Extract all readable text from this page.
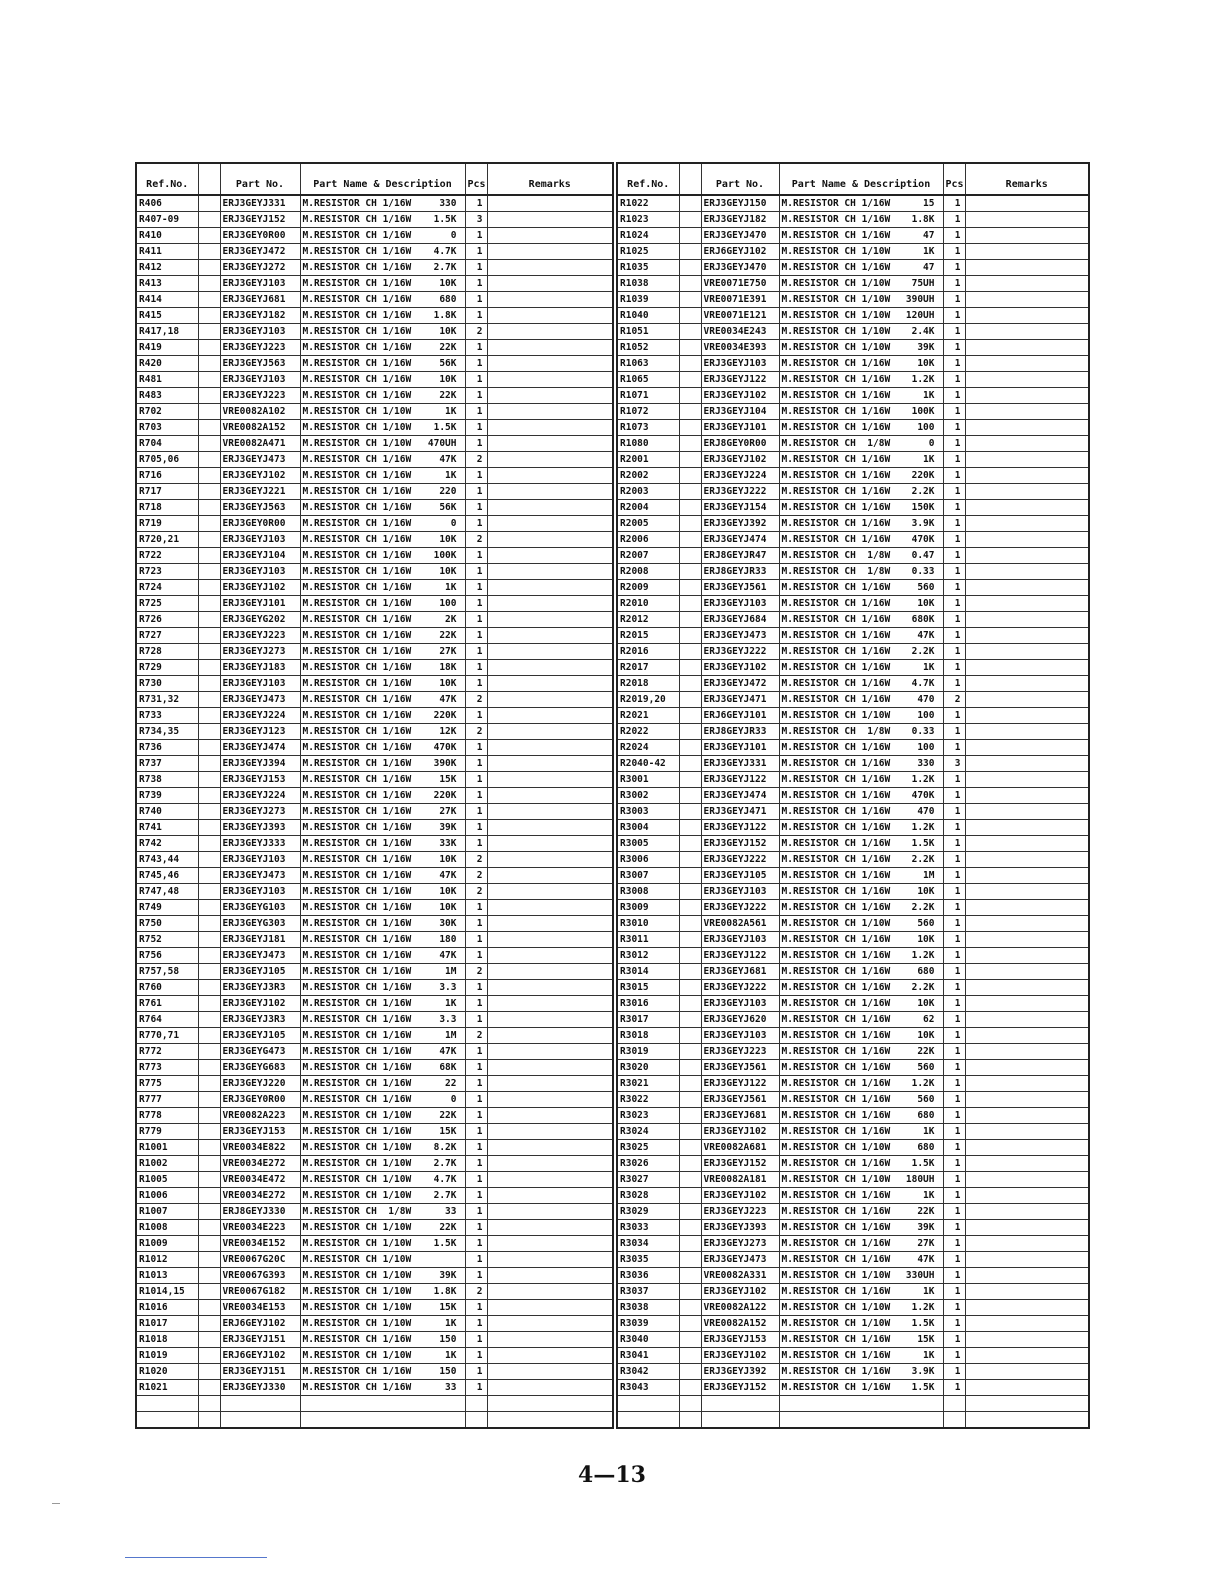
Ref.No.		Part No.	Part Name & Description	Pcs	Remarks
R406		ERJ3GEYJ331	M.RESISTOR CH 1/16W 330	1	
R407-09		ERJ3GEYJ152	M.RESISTOR CH 1/16W 1.5K	3	
R410		ERJ3GEY0R00	M.RESISTOR CH 1/16W 0	1	
R411		ERJ3GEYJ472	M.RESISTOR CH 1/16W 4.7K	1	
R412		ERJ3GEYJ272	M.RESISTOR CH 1/16W 2.7K	1	
R413		ERJ3GEYJ103	M.RESISTOR CH 1/16W 10K	1	
R414		ERJ3GEYJ681	M.RESISTOR CH 1/16W 680	1	
R415		ERJ3GEYJ182	M.RESISTOR CH 1/16W 1.8K	1	
R417,18		ERJ3GEYJ103	M.RESISTOR CH 1/16W 10K	2	
R419		ERJ3GEYJ223	M.RESISTOR CH 1/16W 22K	1	
R420		ERJ3GEYJ563	M.RESISTOR CH 1/16W 56K	1	
R481		ERJ3GEYJ103	M.RESISTOR CH 1/16W 10K	1	
R483		ERJ3GEYJ223	M.RESISTOR CH 1/16W 22K	1	
R702		VRE0082A102	M.RESISTOR CH 1/10W 1K	1	
R703		VRE0082A152	M.RESISTOR CH 1/10W 1.5K	1	
R704		VRE0082A471	M.RESISTOR CH 1/10W 470UH	1	
R705,06		ERJ3GEYJ473	M.RESISTOR CH 1/16W 47K	2	
R716		ERJ3GEYJ102	M.RESISTOR CH 1/16W 1K	1	
R717		ERJ3GEYJ221	M.RESISTOR CH 1/16W 220	1	
R718		ERJ3GEYJ563	M.RESISTOR CH 1/16W 56K	1	
R719		ERJ3GEY0R00	M.RESISTOR CH 1/16W 0	1	
R720,21		ERJ3GEYJ103	M.RESISTOR CH 1/16W 10K	2	
R722		ERJ3GEYJ104	M.RESISTOR CH 1/16W 100K	1	
R723		ERJ3GEYJ103	M.RESISTOR CH 1/16W 10K	1	
R724		ERJ3GEYJ102	M.RESISTOR CH 1/16W 1K	1	
R725		ERJ3GEYJ101	M.RESISTOR CH 1/16W 100	1	
R726		ERJ3GEYG202	M.RESISTOR CH 1/16W 2K	1	
R727		ERJ3GEYJ223	M.RESISTOR CH 1/16W 22K	1	
R728		ERJ3GEYJ273	M.RESISTOR CH 1/16W 27K	1	
R729		ERJ3GEYJ183	M.RESISTOR CH 1/16W 18K	1	
R730		ERJ3GEYJ103	M.RESISTOR CH 1/16W 10K	1	
R731,32		ERJ3GEYJ473	M.RESISTOR CH 1/16W 47K	2	
R733		ERJ3GEYJ224	M.RESISTOR CH 1/16W 220K	1	
R734,35		ERJ3GEYJ123	M.RESISTOR CH 1/16W 12K	2	
R736		ERJ3GEYJ474	M.RESISTOR CH 1/16W 470K	1	
R737		ERJ3GEYJ394	M.RESISTOR CH 1/16W 390K	1	
R738		ERJ3GEYJ153	M.RESISTOR CH 1/16W 15K	1	
R739		ERJ3GEYJ224	M.RESISTOR CH 1/16W 220K	1	
R740		ERJ3GEYJ273	M.RESISTOR CH 1/16W 27K	1	
R741		ERJ3GEYJ393	M.RESISTOR CH 1/16W 39K	1	
R742		ERJ3GEYJ333	M.RESISTOR CH 1/16W 33K	1	
R743,44		ERJ3GEYJ103	M.RESISTOR CH 1/16W 10K	2	
R745,46		ERJ3GEYJ473	M.RESISTOR CH 1/16W 47K	2	
R747,48		ERJ3GEYJ103	M.RESISTOR CH 1/16W 10K	2	
R749		ERJ3GEYG103	M.RESISTOR CH 1/16W 10K	1	
R750		ERJ3GEYG303	M.RESISTOR CH 1/16W 30K	1	
R752		ERJ3GEYJ181	M.RESISTOR CH 1/16W 180	1	
R756		ERJ3GEYJ473	M.RESISTOR CH 1/16W 47K	1	
R757,58		ERJ3GEYJ105	M.RESISTOR CH 1/16W 1M	2	
R760		ERJ3GEYJ3R3	M.RESISTOR CH 1/16W 3.3	1	
R761		ERJ3GEYJ102	M.RESISTOR CH 1/16W 1K	1	
R764		ERJ3GEYJ3R3	M.RESISTOR CH 1/16W 3.3	1	
R770,71		ERJ3GEYJ105	M.RESISTOR CH 1/16W 1M	2	
R772		ERJ3GEYG473	M.RESISTOR CH 1/16W 47K	1	
R773		ERJ3GEYG683	M.RESISTOR CH 1/16W 68K	1	
R775		ERJ3GEYJ220	M.RESISTOR CH 1/16W 22	1	
R777		ERJ3GEY0R00	M.RESISTOR CH 1/16W 0	1	
R778		VRE0082A223	M.RESISTOR CH 1/10W 22K	1	
R779		ERJ3GEYJ153	M.RESISTOR CH 1/16W 15K	1	
R1001		VRE0034E822	M.RESISTOR CH 1/10W 8.2K	1	
R1002		VRE0034E272	M.RESISTOR CH 1/10W 2.7K	1	
R1005		VRE0034E472	M.RESISTOR CH 1/10W 4.7K	1	
R1006		VRE0034E272	M.RESISTOR CH 1/10W 2.7K	1	
R1007		ERJ8GEYJ330	M.RESISTOR CH  1/8W 33	1	
R1008		VRE0034E223	M.RESISTOR CH 1/10W 22K	1	
R1009		VRE0034E152	M.RESISTOR CH 1/10W 1.5K	1	
R1012		VRE0067G20C	M.RESISTOR CH 1/10W	1	
R1013		VRE0067G393	M.RESISTOR CH 1/10W 39K	1	
R1014,15		VRE0067G182	M.RESISTOR CH 1/10W 1.8K	2	
R1016		VRE0034E153	M.RESISTOR CH 1/10W 15K	1	
R1017		ERJ6GEYJ102	M.RESISTOR CH 1/10W 1K	1	
R1018		ERJ3GEYJ151	M.RESISTOR CH 1/16W 150	1	
R1019		ERJ6GEYJ102	M.RESISTOR CH 1/10W 1K	1	
R1020		ERJ3GEYJ151	M.RESISTOR CH 1/16W 150	1	
R1021		ERJ3GEYJ330	M.RESISTOR CH 1/16W 33	1	

Ref.No.		Part No.	Part Name & Description	Pcs	Remarks
R1022		ERJ3GEYJ150	M.RESISTOR CH 1/16W 15	1	
R1023		ERJ3GEYJ182	M.RESISTOR CH 1/16W 1.8K	1	
R1024		ERJ3GEYJ470	M.RESISTOR CH 1/16W 47	1	
R1025		ERJ6GEYJ102	M.RESISTOR CH 1/10W 1K	1	
R1035		ERJ3GEYJ470	M.RESISTOR CH 1/16W 47	1	
R1038		VRE0071E750	M.RESISTOR CH 1/10W 75UH	1	
R1039		VRE0071E391	M.RESISTOR CH 1/10W 390UH	1	
R1040		VRE0071E121	M.RESISTOR CH 1/10W 120UH	1	
R1051		VRE0034E243	M.RESISTOR CH 1/10W 2.4K	1	
R1052		VRE0034E393	M.RESISTOR CH 1/10W 39K	1	
R1063		ERJ3GEYJ103	M.RESISTOR CH 1/16W 10K	1	
R1065		ERJ3GEYJ122	M.RESISTOR CH 1/16W 1.2K	1	
R1071		ERJ3GEYJ102	M.RESISTOR CH 1/16W 1K	1	
R1072		ERJ3GEYJ104	M.RESISTOR CH 1/16W 100K	1	
R1073		ERJ3GEYJ101	M.RESISTOR CH 1/16W 100	1	
R1080		ERJ8GEY0R00	M.RESISTOR CH  1/8W 0	1	
R2001		ERJ3GEYJ102	M.RESISTOR CH 1/16W 1K	1	
R2002		ERJ3GEYJ224	M.RESISTOR CH 1/16W 220K	1	
R2003		ERJ3GEYJ222	M.RESISTOR CH 1/16W 2.2K	1	
R2004		ERJ3GEYJ154	M.RESISTOR CH 1/16W 150K	1	
R2005		ERJ3GEYJ392	M.RESISTOR CH 1/16W 3.9K	1	
R2006		ERJ3GEYJ474	M.RESISTOR CH 1/16W 470K	1	
R2007		ERJ8GEYJR47	M.RESISTOR CH  1/8W 0.47	1	
R2008		ERJ8GEYJR33	M.RESISTOR CH  1/8W 0.33	1	
R2009		ERJ3GEYJ561	M.RESISTOR CH 1/16W 560	1	
R2010		ERJ3GEYJ103	M.RESISTOR CH 1/16W 10K	1	
R2012		ERJ3GEYJ684	M.RESISTOR CH 1/16W 680K	1	
R2015		ERJ3GEYJ473	M.RESISTOR CH 1/16W 47K	1	
R2016		ERJ3GEYJ222	M.RESISTOR CH 1/16W 2.2K	1	
R2017		ERJ3GEYJ102	M.RESISTOR CH 1/16W 1K	1	
R2018		ERJ3GEYJ472	M.RESISTOR CH 1/16W 4.7K	1	
R2019,20		ERJ3GEYJ471	M.RESISTOR CH 1/16W 470	2	
R2021		ERJ6GEYJ101	M.RESISTOR CH 1/10W 100	1	
R2022		ERJ8GEYJR33	M.RESISTOR CH  1/8W 0.33	1	
R2024		ERJ3GEYJ101	M.RESISTOR CH 1/16W 100	1	
R2040-42		ERJ3GEYJ331	M.RESISTOR CH 1/16W 330	3	
R3001		ERJ3GEYJ122	M.RESISTOR CH 1/16W 1.2K	1	
R3002		ERJ3GEYJ474	M.RESISTOR CH 1/16W 470K	1	
R3003		ERJ3GEYJ471	M.RESISTOR CH 1/16W 470	1	
R3004		ERJ3GEYJ122	M.RESISTOR CH 1/16W 1.2K	1	
R3005		ERJ3GEYJ152	M.RESISTOR CH 1/16W 1.5K	1	
R3006		ERJ3GEYJ222	M.RESISTOR CH 1/16W 2.2K	1	
R3007		ERJ3GEYJ105	M.RESISTOR CH 1/16W 1M	1	
R3008		ERJ3GEYJ103	M.RESISTOR CH 1/16W 10K	1	
R3009		ERJ3GEYJ222	M.RESISTOR CH 1/16W 2.2K	1	
R3010		VRE0082A561	M.RESISTOR CH 1/10W 560	1	
R3011		ERJ3GEYJ103	M.RESISTOR CH 1/16W 10K	1	
R3012		ERJ3GEYJ122	M.RESISTOR CH 1/16W 1.2K	1	
R3014		ERJ3GEYJ681	M.RESISTOR CH 1/16W 680	1	
R3015		ERJ3GEYJ222	M.RESISTOR CH 1/16W 2.2K	1	
R3016		ERJ3GEYJ103	M.RESISTOR CH 1/16W 10K	1	
R3017		ERJ3GEYJ620	M.RESISTOR CH 1/16W 62	1	
R3018		ERJ3GEYJ103	M.RESISTOR CH 1/16W 10K	1	
R3019		ERJ3GEYJ223	M.RESISTOR CH 1/16W 22K	1	
R3020		ERJ3GEYJ561	M.RESISTOR CH 1/16W 560	1	
R3021		ERJ3GEYJ122	M.RESISTOR CH 1/16W 1.2K	1	
R3022		ERJ3GEYJ561	M.RESISTOR CH 1/16W 560	1	
R3023		ERJ3GEYJ681	M.RESISTOR CH 1/16W 680	1	
R3024		ERJ3GEYJ102	M.RESISTOR CH 1/16W 1K	1	
R3025		VRE0082A681	M.RESISTOR CH 1/10W 680	1	
R3026		ERJ3GEYJ152	M.RESISTOR CH 1/16W 1.5K	1	
R3027		VRE0082A181	M.RESISTOR CH 1/10W 180UH	1	
R3028		ERJ3GEYJ102	M.RESISTOR CH 1/16W 1K	1	
R3029		ERJ3GEYJ223	M.RESISTOR CH 1/16W 22K	1	
R3033		ERJ3GEYJ393	M.RESISTOR CH 1/16W 39K	1	
R3034		ERJ3GEYJ273	M.RESISTOR CH 1/16W 27K	1	
R3035		ERJ3GEYJ473	M.RESISTOR CH 1/16W 47K	1	
R3036		VRE0082A331	M.RESISTOR CH 1/10W 330UH	1	
R3037		ERJ3GEYJ102	M.RESISTOR CH 1/16W 1K	1	
R3038		VRE0082A122	M.RESISTOR CH 1/10W 1.2K	1	
R3039		VRE0082A152	M.RESISTOR CH 1/10W 1.5K	1	
R3040		ERJ3GEYJ153	M.RESISTOR CH 1/16W 15K	1	
R3041		ERJ3GEYJ102	M.RESISTOR CH 1/16W 1K	1	
R3042		ERJ3GEYJ392	M.RESISTOR CH 1/16W 3.9K	1	
R3043		ERJ3GEYJ152	M.RESISTOR CH 1/16W 1.5K	1	

4—13
